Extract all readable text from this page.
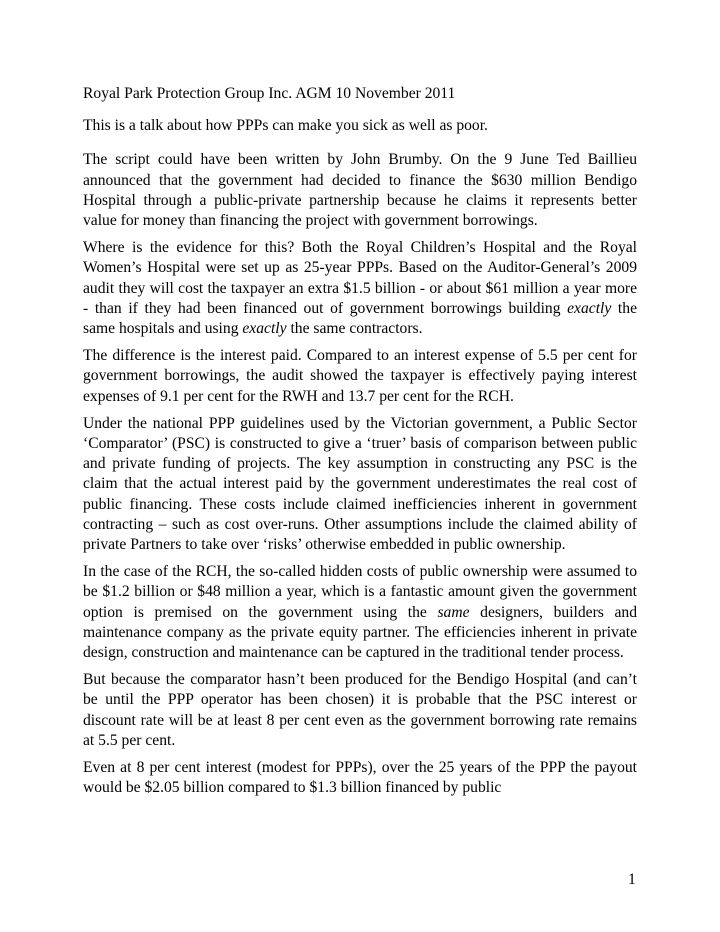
Royal Park Protection Group Inc. AGM 10 November 2011

This is a talk about how PPPs can make you sick as well as poor.

The script could have been written by John Brumby. On the 9 June Ted Baillieu announced that the government had decided to finance the $630 million Bendigo Hospital through a public-private partnership because he claims it represents better value for money than financing the project with government borrowings.

Where is the evidence for this? Both the Royal Children’s Hospital and the Royal Women’s Hospital were set up as 25-year PPPs. Based on the Auditor-General’s 2009 audit they will cost the taxpayer an extra $1.5 billion - or about $61 million a year more - than if they had been financed out of government borrowings building exactly the same hospitals and using exactly the same contractors.

The difference is the interest paid. Compared to an interest expense of 5.5 per cent for government borrowings, the audit showed the taxpayer is effectively paying interest expenses of 9.1 per cent for the RWH and 13.7 per cent for the RCH.

Under the national PPP guidelines used by the Victorian government, a Public Sector ‘Comparator’ (PSC) is constructed to give a ‘truer’ basis of comparison between public and private funding of projects. The key assumption in constructing any PSC is the claim that the actual interest paid by the government underestimates the real cost of public financing. These costs include claimed inefficiencies inherent in government contracting – such as cost over-runs. Other assumptions include the claimed ability of private Partners to take over ‘risks’ otherwise embedded in public ownership.

In the case of the RCH, the so-called hidden costs of public ownership were assumed to be $1.2 billion or $48 million a year, which is a fantastic amount given the government option is premised on the government using the same designers, builders and maintenance company as the private equity partner. The efficiencies inherent in private design, construction and maintenance can be captured in the traditional tender process.

But because the comparator hasn’t been produced for the Bendigo Hospital (and can’t be until the PPP operator has been chosen) it is probable that the PSC interest or discount rate will be at least 8 per cent even as the government borrowing rate remains at 5.5 per cent.

Even at 8 per cent interest (modest for PPPs), over the 25 years of the PPP the payout would be $2.05 billion compared to $1.3 billion financed by public

1
